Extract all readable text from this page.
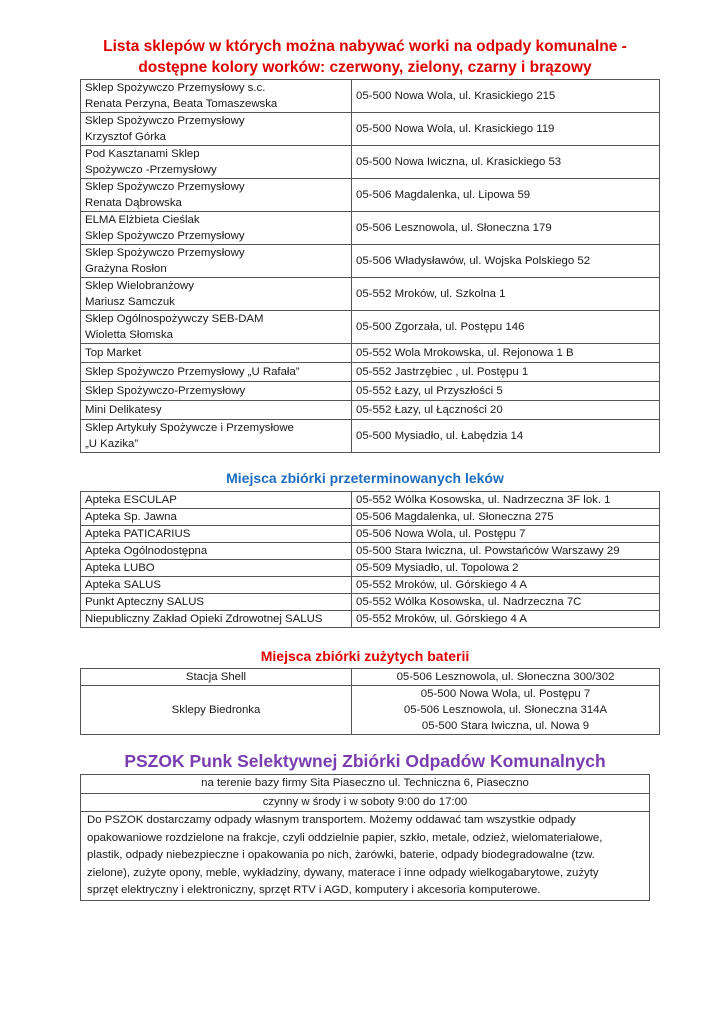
Lista sklepów w których można nabywać worki na odpady komunalne -
dostępne kolory worków: czerwony, zielony, czarny i brązowy
Sklep Spożywczo Przemysłowy s.c.
Renata Perzyna, Beata Tomaszewska	05-500 Nowa Wola, ul. Krasickiego 215

Sklep Spożywczo Przemysłowy
Krzysztof Górka	05-500 Nowa Wola, ul. Krasickiego 119

Pod Kasztanami Sklep
Spożywczo -Przemysłowy	05-500 Nowa Iwiczna, ul. Krasickiego 53

Sklep Spożywczo Przemysłowy
Renata Dąbrowska	05-506 Magdalenka, ul. Lipowa 59

ELMA Elżbieta Cieślak
Sklep Spożywczo Przemysłowy	05-506 Lesznowola, ul. Słoneczna 179

Sklep Spożywczo Przemysłowy
Grażyna Rosłon	05-506 Władysławów, ul. Wojska Polskiego 52

Sklep Wielobranżowy
Mariusz Samczuk	05-552 Mroków, ul. Szkolna 1

Sklep Ogólnospożywczy SEB-DAM
Wioletta Słomska	05-500 Zgorzała, ul. Postępu 146

Top Market	05-552 Wola Mrokowska, ul. Rejonowa 1 B

Sklep Spożywczo Przemysłowy „U Rafała”	05-552 Jastrzębiec , ul. Postępu 1

Sklep Spożywczo-Przemysłowy	05-552 Łazy, ul Przyszłości 5

Mini Delikatesy	05-552 Łazy, ul Łączności 20

Sklep Artykuły Spożywcze i Przemysłowe
„U Kazika”	05-500 Mysiadło, ul. Łabędzia 14
Miejsca zbiórki przeterminowanych leków
Apteka ESCULAP	05-552 Wólka Kosowska, ul. Nadrzeczna 3F lok. 1
Apteka Sp. Jawna	05-506 Magdalenka, ul. Słoneczna 275
Apteka PATICARIUS	05-506 Nowa Wola, ul. Postępu 7
Apteka Ogólnodostępna	05-500 Stara Iwiczna, ul. Powstańców Warszawy 29
Apteka LUBO	05-509 Mysiadło, ul. Topolowa 2
Apteka SALUS	05-552 Mroków, ul. Górskiego 4 A
Punkt Apteczny SALUS	05-552 Wólka Kosowska, ul. Nadrzeczna 7C
Niepubliczny Zakład Opieki Zdrowotnej SALUS	05-552 Mroków, ul. Górskiego 4 A
Miejsca zbiórki zużytych baterii
Stacja Shell	05-506 Lesznowola, ul. Słoneczna 300/302

Sklepy Biedronka	05-500 Nowa Wola, ul. Postępu 7
05-506 Lesznowola, ul. Słoneczna 314A
05-500 Stara Iwiczna, ul. Nowa 9
PSZOK Punk Selektywnej Zbiórki Odpadów Komunalnych
na terenie bazy firmy Sita Piaseczno ul. Techniczna 6, Piaseczno
czynny w środy i w soboty 9:00 do 17:00

Do PSZOK dostarczamy odpady własnym transportem. Możemy oddawać tam wszystkie odpady
opakowaniowe rozdzielone na frakcje, czyli oddzielnie papier, szkło, metale, odzież, wielomateriałowe,
plastik, odpady niebezpieczne i opakowania po nich, żarówki, baterie, odpady biodegradowalne (tzw.
zielone), zużyte opony, meble, wykładziny, dywany, materace i inne odpady wielkogabarytowe, zużyty
sprzęt elektryczny i elektroniczny, sprzęt RTV i AGD, komputery i akcesoria komputerowe.
